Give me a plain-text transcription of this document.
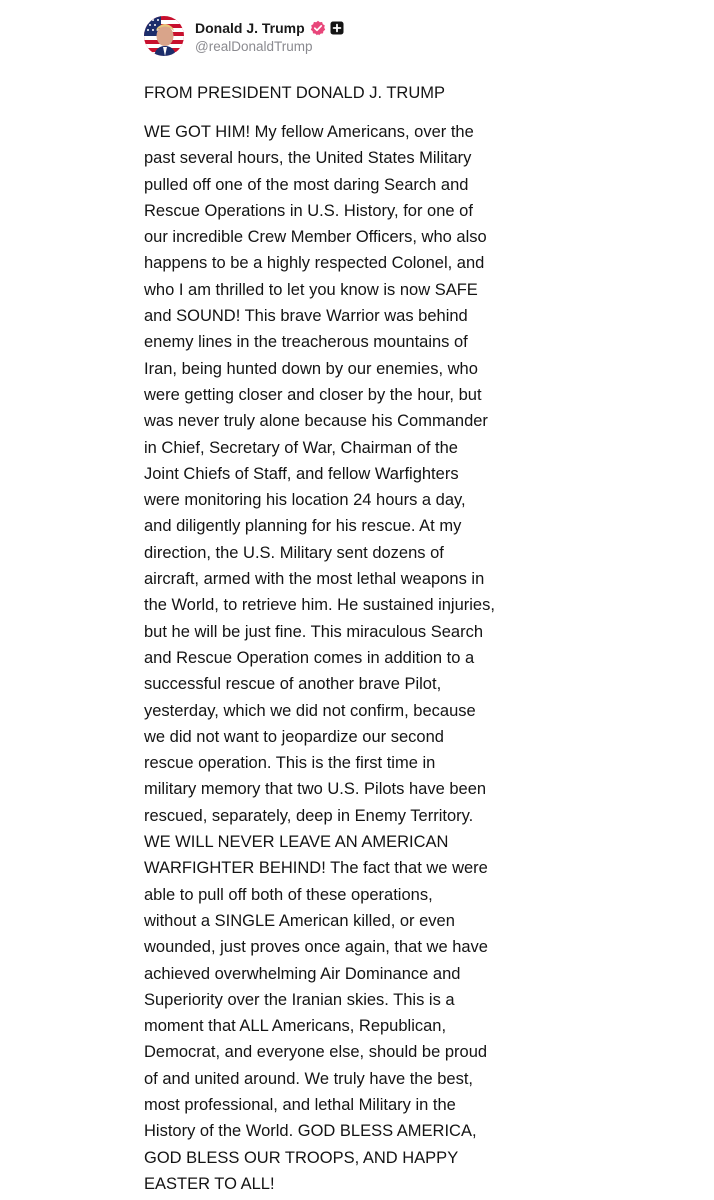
Donald J. Trump
@realDonaldTrump

FROM PRESIDENT DONALD J. TRUMP

WE GOT HIM! My fellow Americans, over the
past several hours, the United States Military
pulled off one of the most daring Search and
Rescue Operations in U.S. History, for one of
our incredible Crew Member Officers, who also
happens to be a highly respected Colonel, and
who I am thrilled to let you know is now SAFE
and SOUND! This brave Warrior was behind
enemy lines in the treacherous mountains of
Iran, being hunted down by our enemies, who
were getting closer and closer by the hour, but
was never truly alone because his Commander
in Chief, Secretary of War, Chairman of the
Joint Chiefs of Staff, and fellow Warfighters
were monitoring his location 24 hours a day,
and diligently planning for his rescue. At my
direction, the U.S. Military sent dozens of
aircraft, armed with the most lethal weapons in
the World, to retrieve him. He sustained injuries,
but he will be just fine. This miraculous Search
and Rescue Operation comes in addition to a
successful rescue of another brave Pilot,
yesterday, which we did not confirm, because
we did not want to jeopardize our second
rescue operation. This is the first time in
military memory that two U.S. Pilots have been
rescued, separately, deep in Enemy Territory.
WE WILL NEVER LEAVE AN AMERICAN
WARFIGHTER BEHIND! The fact that we were
able to pull off both of these operations,
without a SINGLE American killed, or even
wounded, just proves once again, that we have
achieved overwhelming Air Dominance and
Superiority over the Iranian skies. This is a
moment that ALL Americans, Republican,
Democrat, and everyone else, should be proud
of and united around. We truly have the best,
most professional, and lethal Military in the
History of the World. GOD BLESS AMERICA,
GOD BLESS OUR TROOPS, AND HAPPY
EASTER TO ALL!
